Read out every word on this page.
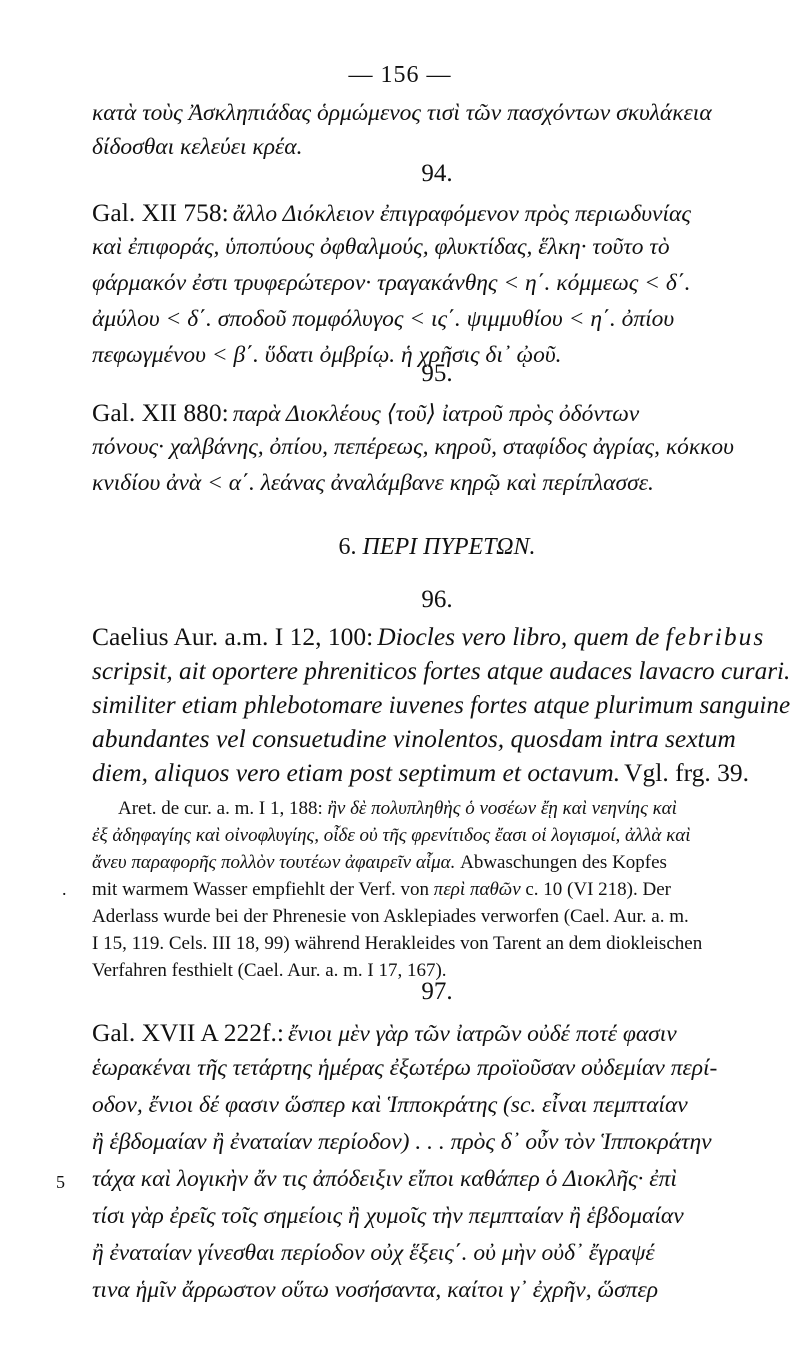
— 156 —
κατὰ τοὺς Ἀσκληπιάδας ὁρμώμενος τισὶ τῶν πασχόντων σκυλάκεια
δίδοσθαι κελεύει κρέα.
94.
Gal. XII 758: ἄλλο Διόκλειον ἐπιγραφόμενον πρὸς περιωδυνίας
καὶ ἐπιφοράς, ὑποπύους ὀφθαλμούς, φλυκτίδας, ἕλκη· τοῦτο τὸ
φάρμακόν ἐστι τρυφερώτερον· τραγακάνθης < η΄. κόμμεως < δ΄.
ἀμύλου < δ΄. σποδοῦ πομφόλυγος < ις΄. ψιμμυθίου < η΄. ὀπίου
πεφωγμένου < β΄. ὕδατι ὀμβρίῳ. ἡ χρῆσις δι᾿ ᾠοῦ.
95.
Gal. XII 880: παρὰ Διοκλέους ⟨τοῦ⟩ ἰατροῦ πρὸς ὀδόντων
πόνους· χαλβάνης, ὀπίου, πεπέρεως, κηροῦ, σταφίδος ἀγρίας, κόκκου
κνιδίου ἀνὰ < α΄. λεάνας ἀναλάμβανε κηρῷ καὶ περίπλασσε.
6. ΠΕΡΙ ΠΥΡΕΤΩΝ.
96.
Caelius Aur. a.m. I 12, 100: Diocles vero libro, quem de febribus
scripsit, ait oportere phreniticos fortes atque audaces lavacro curari.
similiter etiam phlebotomare iuvenes fortes atque plurimum sanguine
abundantes vel consuetudine vinolentos, quosdam intra sextum
diem, aliquos vero etiam post septimum et octavum. Vgl. frg. 39.
Aret. de cur. a. m. I 1, 188: ἢν δὲ πολυπληθὴς ὁ νοσέων ἔῃ καὶ νεηνίης καὶ
ἐξ ἀδηφαγίης καὶ οἰνοφλυγίης, οἶδε οὐ τῆς φρενίτιδος ἔασι οἱ λογισμοί, ἀλλὰ καὶ
ἄνευ παραφορῆς πολλὸν τουτέων ἀφαιρεῖν αἷμα. Abwaschungen des Kopfes
. mit warmem Wasser empfiehlt der Verf. von περὶ παθῶν c. 10 (VI 218). Der
Aderlass wurde bei der Phrenesie von Asklepiades verworfen (Cael. Aur. a. m.
I 15, 119. Cels. III 18, 99) während Herakleides von Tarent an dem diokleischen
Verfahren festhielt (Cael. Aur. a. m. I 17, 167).
97.
Gal. XVII A 222f.: ἔνιοι μὲν γὰρ τῶν ἰατρῶν οὐδέ ποτέ φασιν
ἑωρακέναι τῆς τετάρτης ἡμέρας ἐξωτέρω προϊοῦσαν οὐδεμίαν περί-
οδον, ἔνιοι δέ φασιν ὥσπερ καὶ Ἱπποκράτης (sc. εἶναι πεμπταίαν
ἢ ἑβδομαίαν ἢ ἐναταίαν περίοδον) . . . πρὸς δ᾿ οὖν τὸν Ἱπποκράτην
5 τάχα καὶ λογικὴν ἄν τις ἀπόδειξιν εἴποι καθάπερ ὁ Διοκλῆς· ἐπὶ
τίσι γὰρ ἐρεῖς τοῖς σημείοις ἢ χυμοῖς τὴν πεμπταίαν ἢ ἑβδομαίαν
ἢ ἐναταίαν γίνεσθαι περίοδον οὐχ ἕξεις΄. οὐ μὴν οὐδ᾿ ἔγραψέ
τινα ἡμῖν ἄρρωστον οὕτω νοσήσαντα, καίτοι γ᾿ ἐχρῆν, ὥσπερ
